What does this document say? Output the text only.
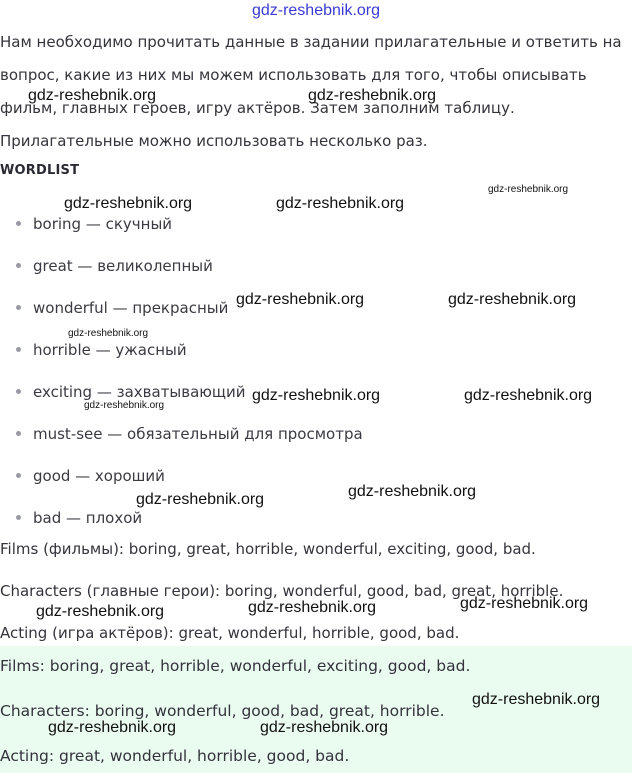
gdz-reshebnik.org

Нам необходимо прочитать данные в задании прилагательные и ответить на

вопрос, какие из них мы можем использовать для того, чтобы описывать

фильм, главных героев, игру актёров. Затем заполним таблицу.

Прилагательные можно использовать несколько раз.

WORDLIST
boring — скучный
great — великолепный
wonderful — прекрасный
horrible — ужасный
exciting — захватывающий
must-see — обязательный для просмотра
good — хороший
bad — плохой

Films (фильмы): boring, great, horrible, wonderful, exciting, good, bad.

Characters (главные герои): boring, wonderful, good, bad, great, horrible.

Acting (игра актёров): great, wonderful, horrible, good, bad.

Films: boring, great, horrible, wonderful, exciting, good, bad.

Characters: boring, wonderful, good, bad, great, horrible.

Acting: great, wonderful, horrible, good, bad.

gdz-reshebnik.org	gdz-reshebnik.org
gdz-reshebnik.org
gdz-reshebnik.org	gdz-reshebnik.org
gdz-reshebnik.org	gdz-reshebnik.org
gdz-reshebnik.org
gdz-reshebnik.org	gdz-reshebnik.org
gdz-reshebnik.org
gdz-reshebnik.org
gdz-reshebnik.org
gdz-reshebnik.org
gdz-reshebnik.org	gdz-reshebnik.org
gdz-reshebnik.org
gdz-reshebnik.org	gdz-reshebnik.org
